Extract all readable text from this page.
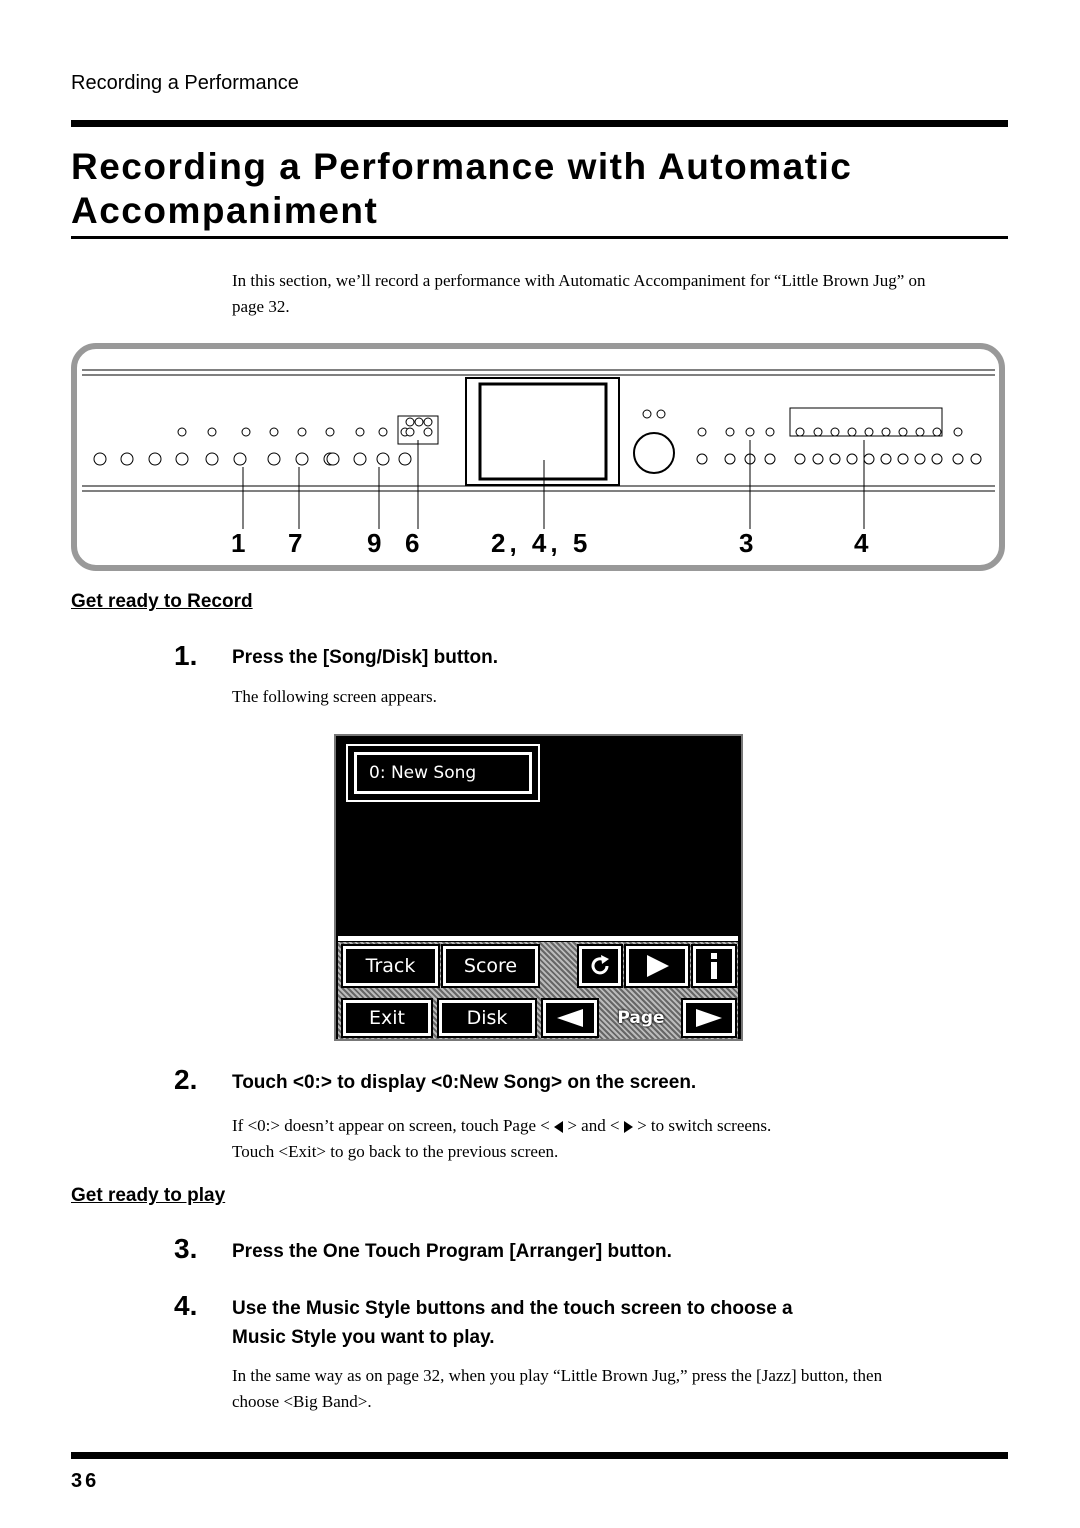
Recording a Performance
Recording a Performance with Automatic Accompaniment
In this section, we’ll record a performance with Automatic Accompaniment for “Little Brown Jug” on page 32.
1 7 9 6	2, 4, 5	3	4
Get ready to Record
1. Press the [Song/Disk] button.
The following screen appears.
0: New Song
Track	Score
Exit	Disk	Page
2. Touch <0:> to display <0:New Song> on the screen.
If <0:> doesn’t appear on screen, touch Page < > and < > to switch screens.
Touch <Exit> to go back to the previous screen.
Get ready to play
3. Press the One Touch Program [Arranger] button.
4. Use the Music Style buttons and the touch screen to choose a
Music Style you want to play.
In the same way as on page 32, when you play “Little Brown Jug,” press the [Jazz] button, then choose <Big Band>.
36
